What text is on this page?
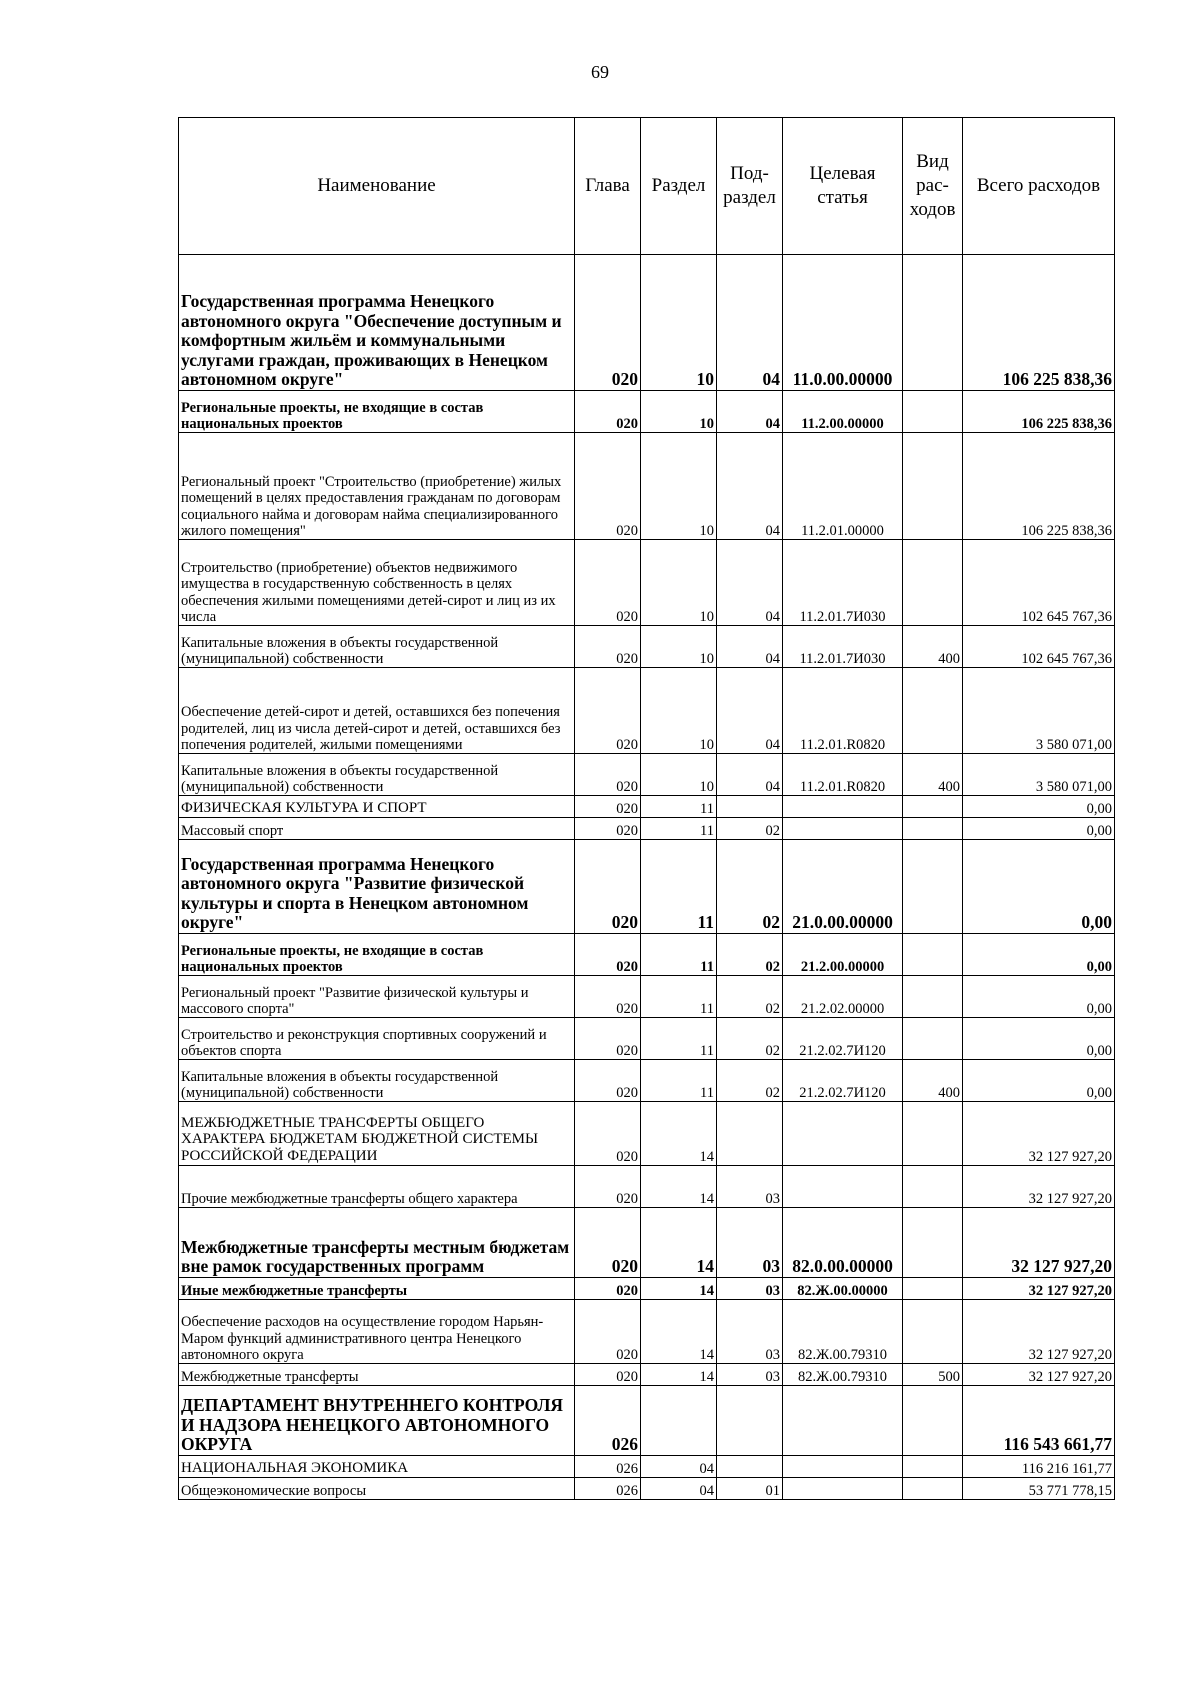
69
Наименование	Глава	Раздел	Под-раздел	Целевая статья	Вид рас-ходов	Всего расходов
Государственная программа Ненецкого автономного округа "Обеспечение доступным и комфортным жильём и коммунальными услугами граждан, проживающих в Ненецком автономном округе"	020	10	04	11.0.00.00000		106 225 838,36
Региональные проекты, не входящие в состав национальных проектов	020	10	04	11.2.00.00000		106 225 838,36
Региональный проект "Строительство (приобретение) жилых помещений в целях предоставления гражданам по договорам социального найма и договорам найма специализированного жилого помещения"	020	10	04	11.2.01.00000		106 225 838,36
Строительство (приобретение) объектов недвижимого имущества в государственную собственность в целях обеспечения жилыми помещениями детей-сирот и лиц из их числа	020	10	04	11.2.01.7И030		102 645 767,36
Капитальные вложения в объекты государственной (муниципальной) собственности	020	10	04	11.2.01.7И030	400	102 645 767,36
Обеспечение детей-сирот и детей, оставшихся без попечения родителей, лиц из числа детей-сирот и детей, оставшихся без попечения родителей, жилыми помещениями	020	10	04	11.2.01.R0820		3 580 071,00
Капитальные вложения в объекты государственной (муниципальной) собственности	020	10	04	11.2.01.R0820	400	3 580 071,00
ФИЗИЧЕСКАЯ КУЛЬТУРА И СПОРТ	020	11				0,00
Массовый спорт	020	11	02			0,00
Государственная программа Ненецкого автономного округа "Развитие физической культуры и спорта в Ненецком автономном округе"	020	11	02	21.0.00.00000		0,00
Региональные проекты, не входящие в состав национальных проектов	020	11	02	21.2.00.00000		0,00
Региональный проект "Развитие физической культуры и массового спорта"	020	11	02	21.2.02.00000		0,00
Строительство и реконструкция спортивных сооружений и объектов спорта	020	11	02	21.2.02.7И120		0,00
Капитальные вложения в объекты государственной (муниципальной) собственности	020	11	02	21.2.02.7И120	400	0,00
МЕЖБЮДЖЕТНЫЕ ТРАНСФЕРТЫ ОБЩЕГО ХАРАКТЕРА БЮДЖЕТАМ БЮДЖЕТНОЙ СИСТЕМЫ РОССИЙСКОЙ ФЕДЕРАЦИИ	020	14				32 127 927,20
Прочие межбюджетные трансферты общего характера	020	14	03			32 127 927,20
Межбюджетные трансферты местным бюджетам вне рамок государственных программ	020	14	03	82.0.00.00000		32 127 927,20
Иные межбюджетные трансферты	020	14	03	82.Ж.00.00000		32 127 927,20
Обеспечение расходов на осуществление городом Нарьян-Маром функций административного центра Ненецкого автономного округа	020	14	03	82.Ж.00.79310		32 127 927,20
Межбюджетные трансферты	020	14	03	82.Ж.00.79310	500	32 127 927,20
ДЕПАРТАМЕНТ ВНУТРЕННЕГО КОНТРОЛЯ И НАДЗОРА НЕНЕЦКОГО АВТОНОМНОГО ОКРУГА	026					116 543 661,77
НАЦИОНАЛЬНАЯ ЭКОНОМИКА	026	04				116 216 161,77
Общеэкономические вопросы	026	04	01			53 771 778,15
